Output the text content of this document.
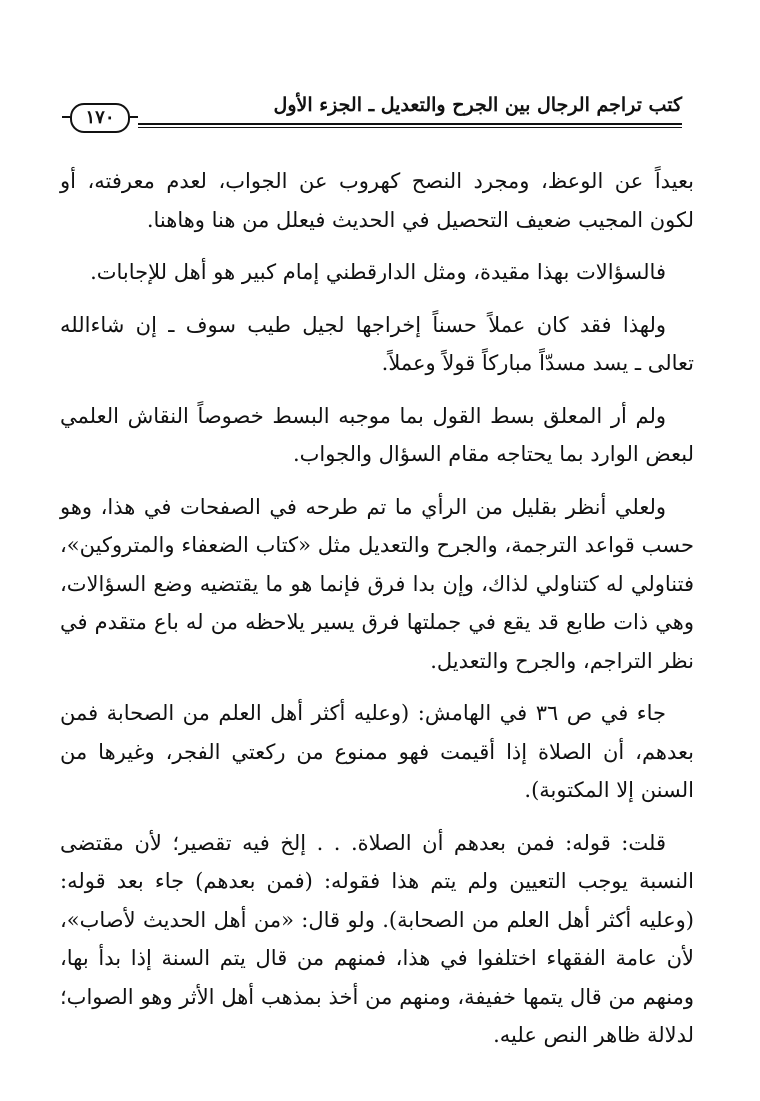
كتب تراجم الرجال بين الجرح والتعديل ـ الجزء الأول
١٧٠

بعيداً عن الوعظ، ومجرد النصح كهروب عن الجواب، لعدم معرفته، أو لكون المجيب ضعيف التحصيل في الحديث فيعلل من هنا وهاهنا.

فالسؤالات بهذا مقيدة، ومثل الدارقطني إمام كبير هو أهل للإجابات.

ولهذا فقد كان عملاً حسناً إخراجها لجيل طيب سوف ـ إن شاءالله تعالى ـ يسد مسدّاً مباركاً قولاً وعملاً.

ولم أر المعلق بسط القول بما موجبه البسط خصوصاً النقاش العلمي لبعض الوارد بما يحتاجه مقام السؤال والجواب.

ولعلي أنظر بقليل من الرأي ما تم طرحه في الصفحات في هذا، وهو حسب قواعد الترجمة، والجرح والتعديل مثل «كتاب الضعفاء والمتروكين»، فتناولي له كتناولي لذاك، وإن بدا فرق فإنما هو ما يقتضيه وضع السؤالات، وهي ذات طابع قد يقع في جملتها فرق يسير يلاحظه من له باع متقدم في نظر التراجم، والجرح والتعديل.

جاء في ص ٣٦ في الهامش: (وعليه أكثر أهل العلم من الصحابة فمن بعدهم، أن الصلاة إذا أقيمت فهو ممنوع من ركعتي الفجر، وغيرها من السنن إلا المكتوبة).

قلت: قوله: فمن بعدهم أن الصلاة. . . إلخ فيه تقصير؛ لأن مقتضى النسبة يوجب التعيين ولم يتم هذا فقوله: (فمن بعدهم) جاء بعد قوله: (وعليه أكثر أهل العلم من الصحابة). ولو قال: «من أهل الحديث لأصاب»، لأن عامة الفقهاء اختلفوا في هذا، فمنهم من قال يتم السنة إذا بدأ بها، ومنهم من قال يتمها خفيفة، ومنهم من أخذ بمذهب أهل الأثر وهو الصواب؛ لدلالة ظاهر النص عليه.
